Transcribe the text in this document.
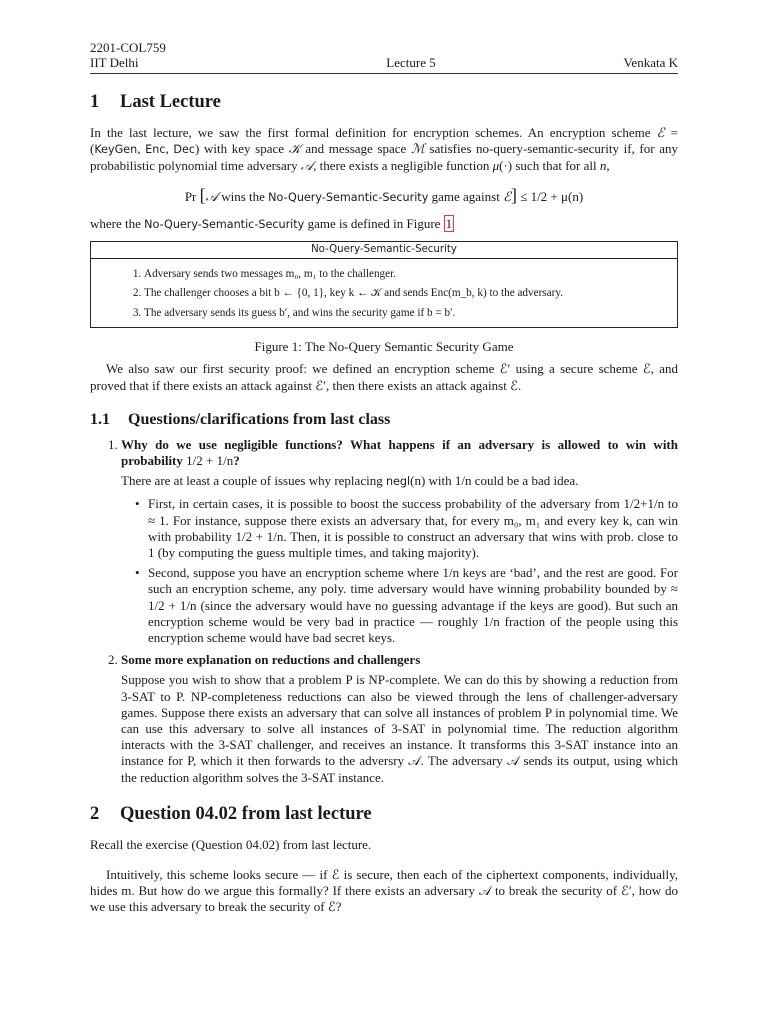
2201-COL759
IIT Delhi	Lecture 5	Venkata K
1 Last Lecture

In the last lecture, we saw the first formal definition for encryption schemes. An encryption scheme ℰ = (KeyGen, Enc, Dec) with key space 𝒦 and message space ℳ satisfies no-query-semantic-security if, for any probabilistic polynomial time adversary 𝒜, there exists a negligible function μ(·) such that for all n,

Pr [𝒜 wins the No-Query-Semantic-Security game against ℰ] ≤ 1/2 + μ(n)

where the No-Query-Semantic-Security game is defined in Figure 1

No-Query-Semantic-Security
1. Adversary sends two messages m₀, m₁ to the challenger.
2. The challenger chooses a bit b ← {0, 1}, key k ← 𝒦 and sends Enc(m_b, k) to the adversary.
3. The adversary sends its guess b′, and wins the security game if b = b′.
Figure 1: The No-Query Semantic Security Game

We also saw our first security proof: we defined an encryption scheme ℰ′ using a secure scheme ℰ, and proved that if there exists an attack against ℰ′, then there exists an attack against ℰ.

1.1 Questions/clarifications from last class
1. Why do we use negligible functions? What happens if an adversary is allowed to win with probability 1/2 + 1/n?
There are at least a couple of issues why replacing negl(n) with 1/n could be a bad idea.
• First, in certain cases, it is possible to boost the success probability of the adversary from 1/2+1/n to ≈ 1. For instance, suppose there exists an adversary that, for every m₀, m₁ and every key k, can win with probability 1/2 + 1/n. Then, it is possible to construct an adversary that wins with prob. close to 1 (by computing the guess multiple times, and taking majority).
• Second, suppose you have an encryption scheme where 1/n keys are ‘bad’, and the rest are good. For such an encryption scheme, any poly. time adversary would have winning probability bounded by ≈ 1/2 + 1/n (since the adversary would have no guessing advantage if the keys are good). But such an encryption scheme would be very bad in practice — roughly 1/n fraction of the people using this encryption scheme would have bad secret keys.
2. Some more explanation on reductions and challengers
Suppose you wish to show that a problem P is NP-complete. We can do this by showing a reduction from 3-SAT to P. NP-completeness reductions can also be viewed through the lens of challenger-adversary games. Suppose there exists an adversary that can solve all instances of problem P in polynomial time. We can use this adversary to solve all instances of 3-SAT in polynomial time. The reduction algorithm interacts with the 3-SAT challenger, and receives an instance. It transforms this 3-SAT instance into an instance for P, which it then forwards to the adversry 𝒜. The adversary 𝒜 sends its output, using which the reduction algorithm solves the 3-SAT instance.
2 Question 04.02 from last lecture

Recall the exercise (Question 04.02) from last lecture.

Intuitively, this scheme looks secure — if ℰ is secure, then each of the ciphertext components, individually, hides m. But how do we argue this formally? If there exists an adversary 𝒜 to break the security of ℰ′, how do we use this adversary to break the security of ℰ?
